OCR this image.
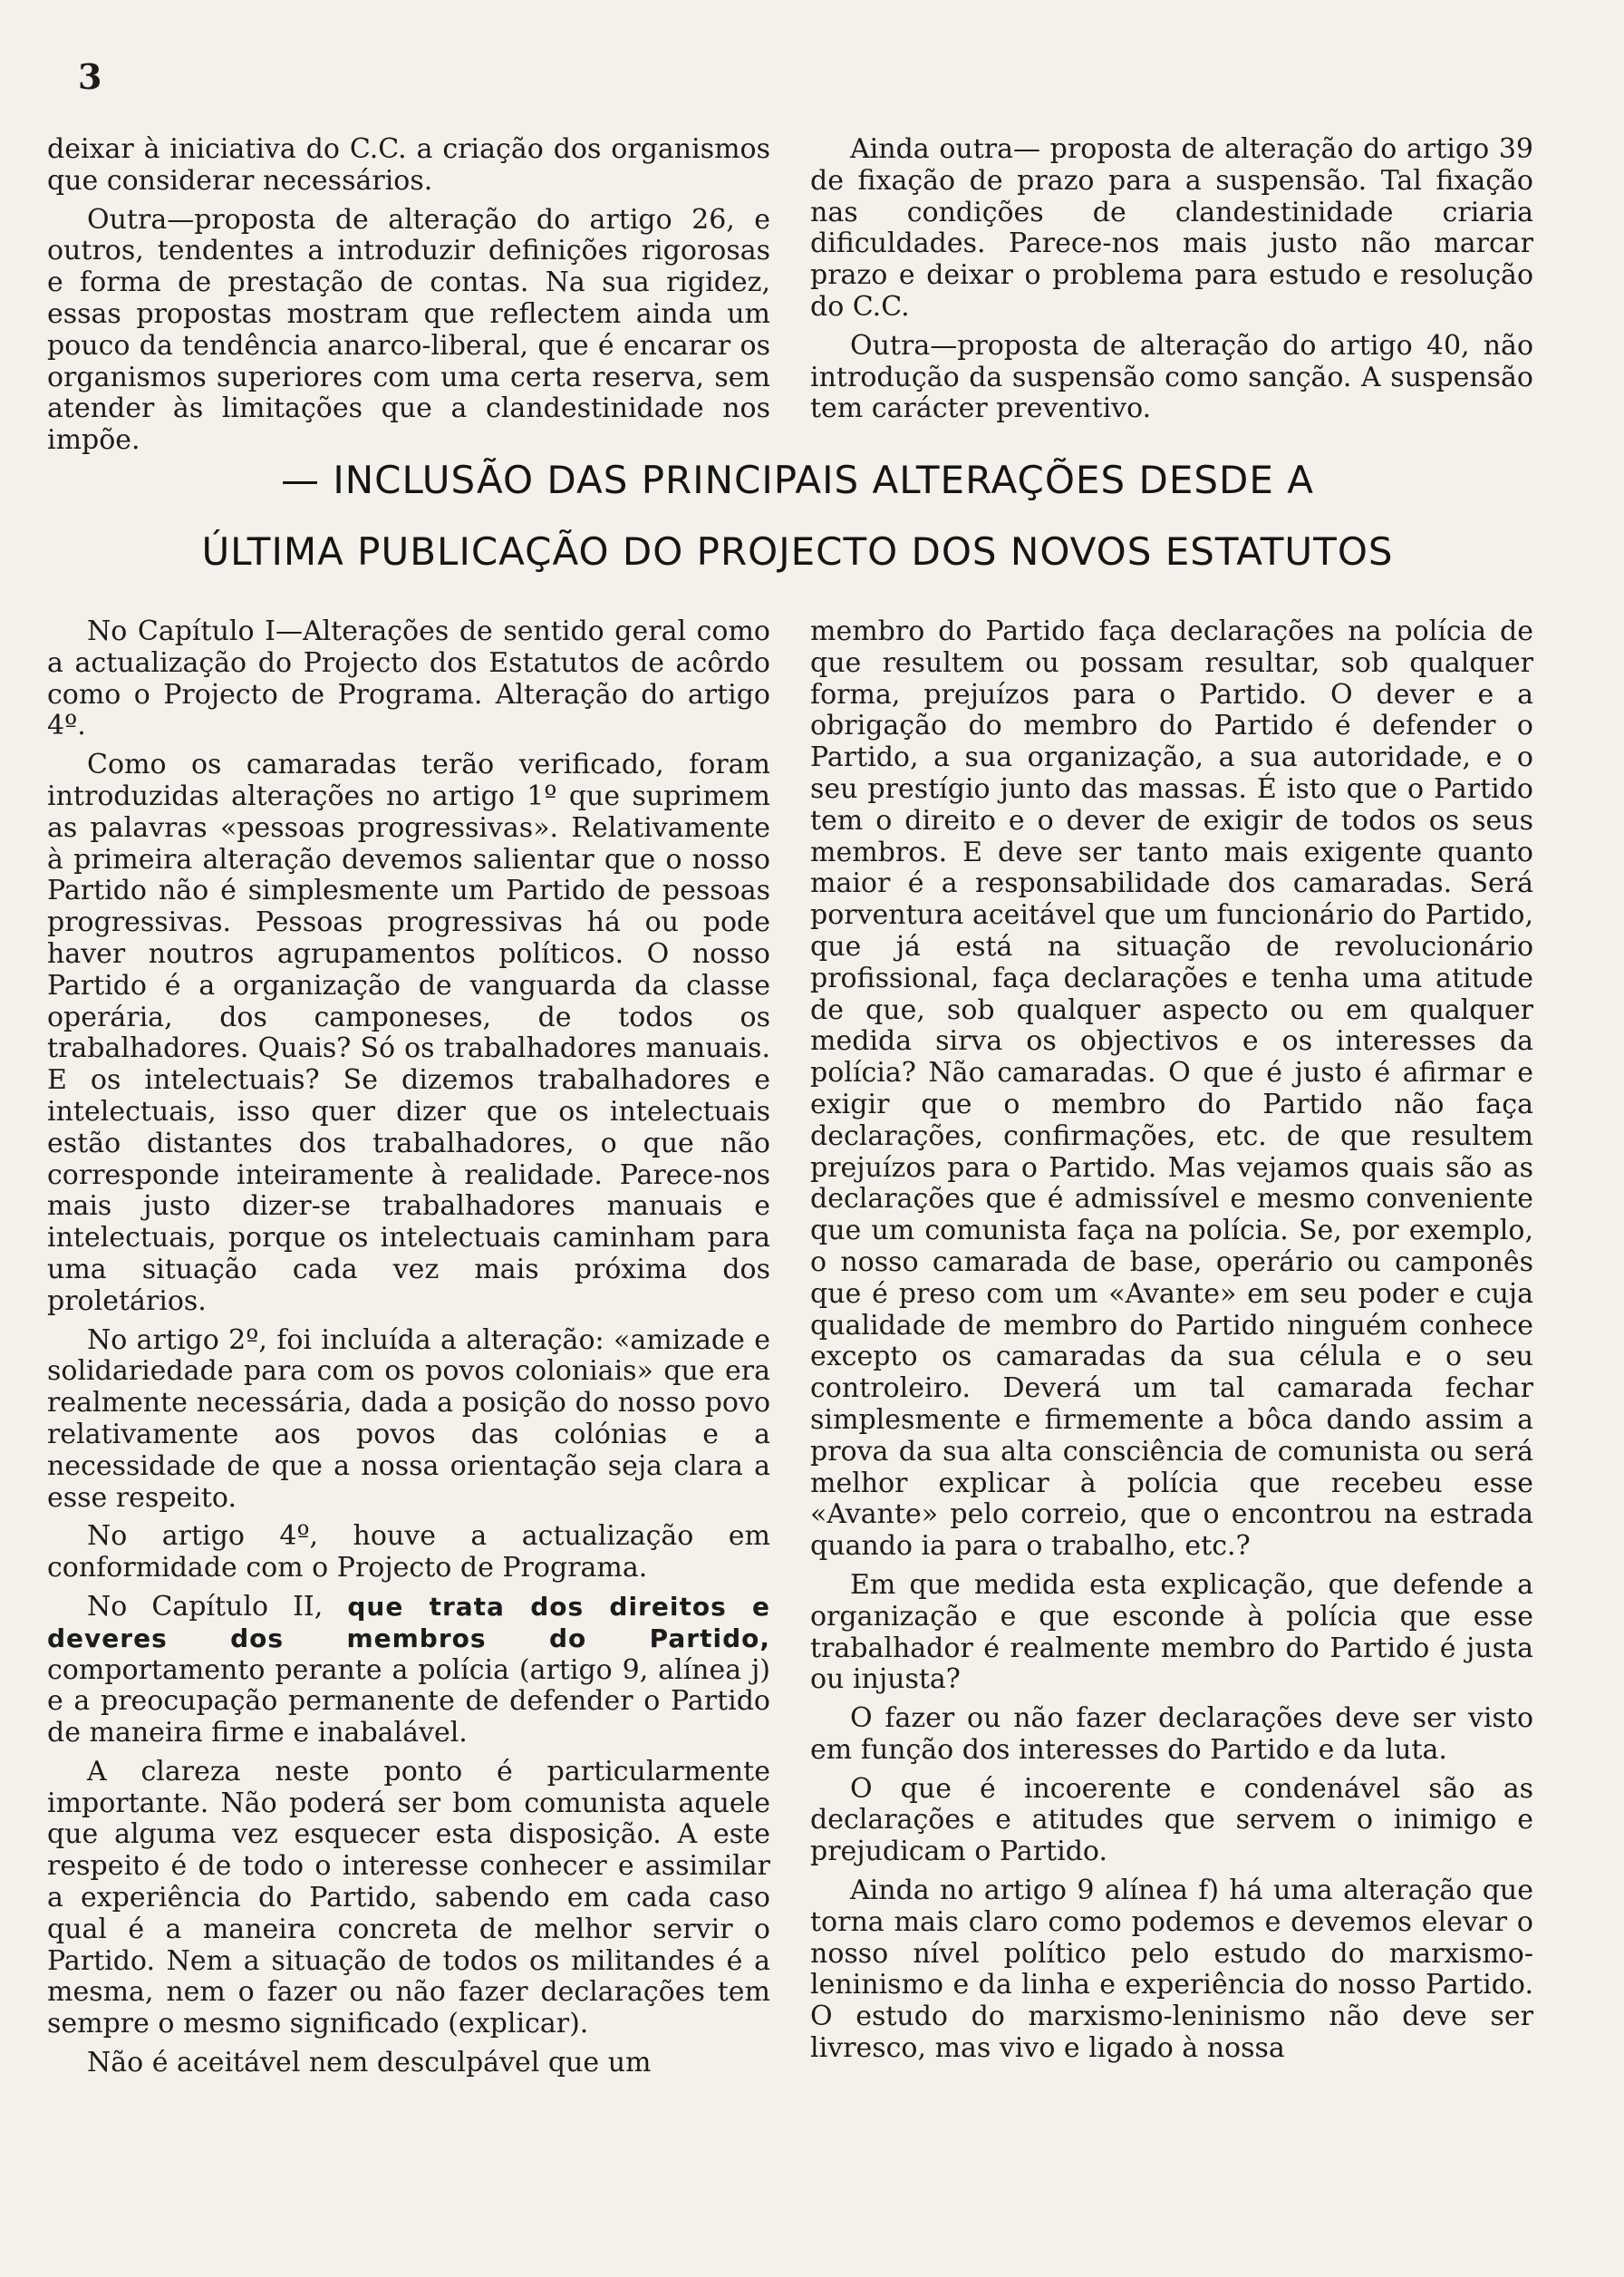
3

deixar à iniciativa do C.C. a criação dos organismos que considerar necessários.

Outra—proposta de alteração do artigo 26, e outros, tendentes a introduzir definições rigorosas e forma de prestação de contas. Na sua rigidez, essas propostas mostram que reflectem ainda um pouco da tendência anarco-liberal, que é encarar os organismos superiores com uma certa reserva, sem atender às limitações que a clandestinidade nos impõe.

Ainda outra— proposta de alteração do artigo 39 de fixação de prazo para a suspensão. Tal fixação nas condições de clandestinidade criaria dificuldades. Parece-nos mais justo não marcar prazo e deixar o problema para estudo e resolução do C.C.

Outra—proposta de alteração do artigo 40, não introdução da suspensão como sanção. A suspensão tem carácter preventivo.

— INCLUSÃO DAS PRINCIPAIS ALTERAÇÕES DESDE A
ÚLTIMA PUBLICAÇÃO DO PROJECTO DOS NOVOS ESTATUTOS

No Capítulo I—Alterações de sentido geral como a actualização do Projecto dos Estatutos de acôrdo como o Projecto de Programa. Alteração do artigo 4º.

Como os camaradas terão verificado, foram introduzidas alterações no artigo 1º que suprimem as palavras «pessoas progressivas». Relativamente à primeira alteração devemos salientar que o nosso Partido não é simplesmente um Partido de pessoas progressivas. Pessoas progressivas há ou pode haver noutros agrupamentos políticos. O nosso Partido é a organização de vanguarda da classe operária, dos camponeses, de todos os trabalhadores. Quais? Só os trabalhadores manuais. E os intelectuais? Se dizemos trabalhadores e intelectuais, isso quer dizer que os intelectuais estão distantes dos trabalhadores, o que não corresponde inteiramente à realidade. Parece-nos mais justo dizer-se trabalhadores manuais e intelectuais, porque os intelectuais caminham para uma situação cada vez mais próxima dos proletários.

No artigo 2º, foi incluída a alteração: «amizade e solidariedade para com os povos coloniais» que era realmente necessária, dada a posição do nosso povo relativamente aos povos das colónias e a necessidade de que a nossa orientação seja clara a esse respeito.

No artigo 4º, houve a actualização em conformidade com o Projecto de Programa.

No Capítulo II, que trata dos direitos e deveres dos membros do Partido, comportamento perante a polícia (artigo 9, alínea j) e a preocupação permanente de defender o Partido de maneira firme e inabalável.

A clareza neste ponto é particularmente importante. Não poderá ser bom comunista aquele que alguma vez esquecer esta disposição. A este respeito é de todo o interesse conhecer e assimilar a experiência do Partido, sabendo em cada caso qual é a maneira concreta de melhor servir o Partido. Nem a situação de todos os militandes é a mesma, nem o fazer ou não fazer declarações tem sempre o mesmo significado (explicar).

Não é aceitável nem desculpável que um

membro do Partido faça declarações na polícia de que resultem ou possam resultar, sob qualquer forma, prejuízos para o Partido. O dever e a obrigação do membro do Partido é defender o Partido, a sua organização, a sua autoridade, e o seu prestígio junto das massas. É isto que o Partido tem o direito e o dever de exigir de todos os seus membros. E deve ser tanto mais exigente quanto maior é a responsabilidade dos camaradas. Será porventura aceitável que um funcionário do Partido, que já está na situação de revolucionário profissional, faça declarações e tenha uma atitude de que, sob qualquer aspecto ou em qualquer medida sirva os objectivos e os interesses da polícia? Não camaradas. O que é justo é afirmar e exigir que o membro do Partido não faça declarações, confirmações, etc. de que resultem prejuízos para o Partido. Mas vejamos quais são as declarações que é admissível e mesmo conveniente que um comunista faça na polícia. Se, por exemplo, o nosso camarada de base, operário ou camponês que é preso com um «Avante» em seu poder e cuja qualidade de membro do Partido ninguém conhece excepto os camaradas da sua célula e o seu controleiro. Deverá um tal camarada fechar simplesmente e firmemente a bôca dando assim a prova da sua alta consciência de comunista ou será melhor explicar à polícia que recebeu esse «Avante» pelo correio, que o encontrou na estrada quando ia para o trabalho, etc.?

Em que medida esta explicação, que defende a organização e que esconde à polícia que esse trabalhador é realmente membro do Partido é justa ou injusta?

O fazer ou não fazer declarações deve ser visto em função dos interesses do Partido e da luta.

O que é incoerente e condenável são as declarações e atitudes que servem o inimigo e prejudicam o Partido.

Ainda no artigo 9 alínea f) há uma alteração que torna mais claro como podemos e devemos elevar o nosso nível político pelo estudo do marxismo-leninismo e da linha e experiência do nosso Partido. O estudo do marxismo-leninismo não deve ser livresco, mas vivo e ligado à nossa
